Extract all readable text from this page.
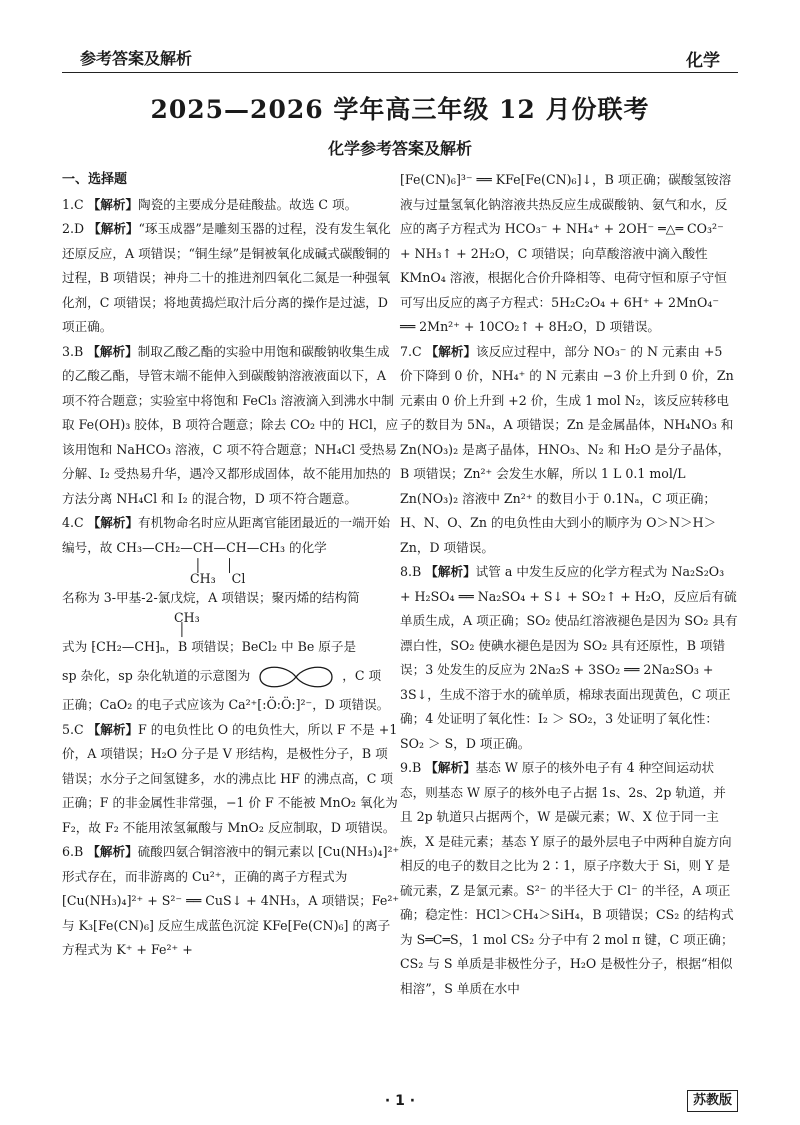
参考答案及解析	化学
2025—2026 学年高三年级 12 月份联考
化学参考答案及解析

一、选择题

1.C 【解析】陶瓷的主要成分是硅酸盐。故选 C 项。

2.D 【解析】“琢玉成器”是雕刻玉器的过程，没有发生氧化还原反应，A 项错误；“铜生绿”是铜被氧化成碱式碳酸铜的过程，B 项错误；神舟二十的推进剂四氧化二氮是一种强氧化剂，C 项错误；将地黄捣烂取汁后分离的操作是过滤，D 项正确。

3.B 【解析】制取乙酸乙酯的实验中用饱和碳酸钠收集生成的乙酸乙酯，导管末端不能伸入到碳酸钠溶液液面以下，A 项不符合题意；实验室中将饱和 FeCl₃ 溶液滴入到沸水中制取 Fe(OH)₃ 胶体，B 项符合题意；除去 CO₂ 中的 HCl，应该用饱和 NaHCO₃ 溶液，C 项不符合题意；NH₄Cl 受热易分解、I₂ 受热易升华，遇冷又都形成固体，故不能用加热的方法分离 NH₄Cl 和 I₂ 的混合物，D 项不符合题意。

4.C 【解析】有机物命名时应从距离官能团最近的一端开始编号，故 CH₃—CH₂—CH—CH—CH₃ 的化学

│      │

CH₃    Cl

名称为 3-甲基-2-氯戊烷，A 项错误；聚丙烯的结构简

CH₃

│

式为 ⁅CH₂—CH⁆ₙ，B 项错误；BeCl₂ 中 Be 原子是

sp 杂化，sp 杂化轨道的示意图为	，C 项

正确；CaO₂ 的电子式应该为 Ca²⁺[:Ö:Ö:]²⁻，D 项错误。

5.C 【解析】F 的电负性比 O 的电负性大，所以 F 不是 +1 价，A 项错误；H₂O 分子是 V 形结构，是极性分子，B 项错误；水分子之间氢键多，水的沸点比 HF 的沸点高，C 项正确；F 的非金属性非常强，−1 价 F 不能被 MnO₂ 氧化为 F₂，故 F₂ 不能用浓氢氟酸与 MnO₂ 反应制取，D 项错误。

6.B 【解析】硫酸四氨合铜溶液中的铜元素以 [Cu(NH₃)₄]²⁺ 形式存在，而非游离的 Cu²⁺，正确的离子方程式为 [Cu(NH₃)₄]²⁺ + S²⁻ ══ CuS↓ + 4NH₃，A 项错误；Fe²⁺ 与 K₃[Fe(CN)₆] 反应生成蓝色沉淀 KFe[Fe(CN)₆] 的离子方程式为 K⁺ + Fe²⁺ +

[Fe(CN)₆]³⁻ ══ KFe[Fe(CN)₆]↓，B 项正确；碳酸氢铵溶液与过量氢氧化钠溶液共热反应生成碳酸钠、氨气和水，反应的离子方程式为 HCO₃⁻ + NH₄⁺ + 2OH⁻ ═△═ CO₃²⁻ + NH₃↑ + 2H₂O，C 项错误；向草酸溶液中滴入酸性 KMnO₄ 溶液，根据化合价升降相等、电荷守恒和原子守恒可写出反应的离子方程式：5H₂C₂O₄ + 6H⁺ + 2MnO₄⁻ ══ 2Mn²⁺ + 10CO₂↑ + 8H₂O，D 项错误。

7.C 【解析】该反应过程中，部分 NO₃⁻ 的 N 元素由 +5 价下降到 0 价，NH₄⁺ 的 N 元素由 −3 价上升到 0 价，Zn 元素由 0 价上升到 +2 价，生成 1 mol N₂，该反应转移电子的数目为 5Nₐ，A 项错误；Zn 是金属晶体，NH₄NO₃ 和 Zn(NO₃)₂ 是离子晶体，HNO₃、N₂ 和 H₂O 是分子晶体，B 项错误；Zn²⁺ 会发生水解，所以 1 L 0.1 mol/L Zn(NO₃)₂ 溶液中 Zn²⁺ 的数目小于 0.1Nₐ，C 项正确；H、N、O、Zn 的电负性由大到小的顺序为 O＞N＞H＞Zn，D 项错误。

8.B 【解析】试管 a 中发生反应的化学方程式为 Na₂S₂O₃ + H₂SO₄ ══ Na₂SO₄ + S↓ + SO₂↑ + H₂O，反应后有硫单质生成，A 项正确；SO₂ 使品红溶液褪色是因为 SO₂ 具有漂白性，SO₂ 使碘水褪色是因为 SO₂ 具有还原性，B 项错误；3 处发生的反应为 2Na₂S + 3SO₂ ══ 2Na₂SO₃ + 3S↓，生成不溶于水的硫单质，棉球表面出现黄色，C 项正确；4 处证明了氧化性：I₂ ＞ SO₂，3 处证明了氧化性：SO₂ ＞ S，D 项正确。

9.B 【解析】基态 W 原子的核外电子有 4 种空间运动状态，则基态 W 原子的核外电子占据 1s、2s、2p 轨道，并且 2p 轨道只占据两个，W 是碳元素；W、X 位于同一主族，X 是硅元素；基态 Y 原子的最外层电子中两种自旋方向相反的电子的数目之比为 2∶1，原子序数大于 Si，则 Y 是硫元素，Z 是氯元素。S²⁻ 的半径大于 Cl⁻ 的半径，A 项正确；稳定性：HCl＞CH₄＞SiH₄，B 项错误；CS₂ 的结构式为 S═C═S，1 mol CS₂ 分子中有 2 mol π 键，C 项正确；CS₂ 与 S 单质是非极性分子，H₂O 是极性分子，根据“相似相溶”，S 单质在水中

· 1 ·	苏教版
